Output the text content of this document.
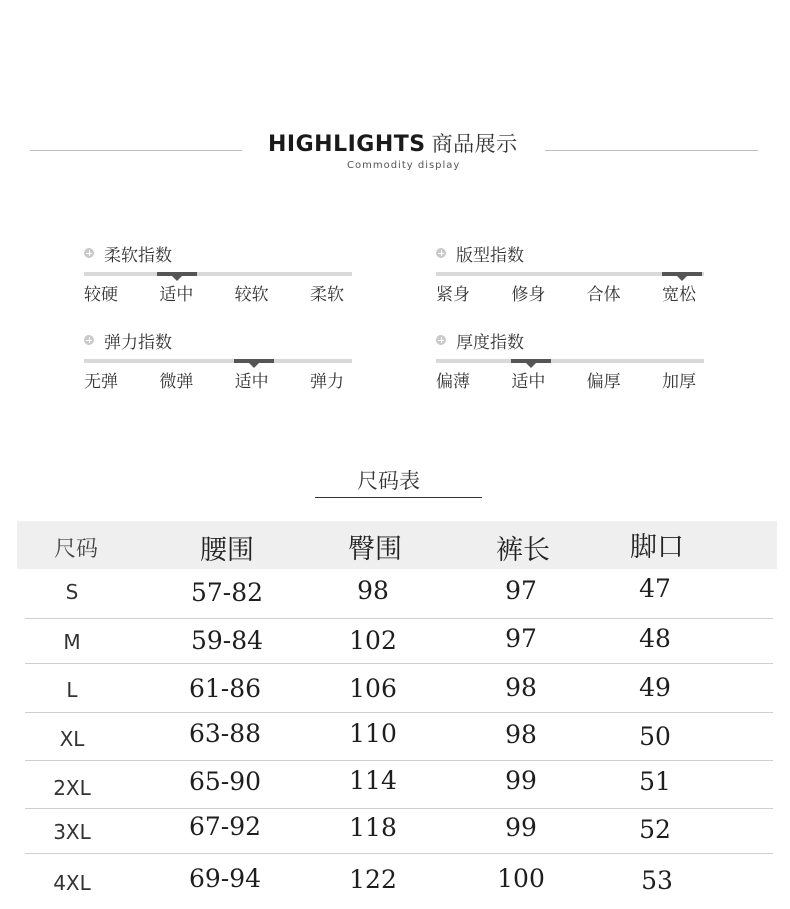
HIGHLIGHTS 商品展示
Commodity display
柔软指数
较硬	适中	较软	柔软
版型指数
紧身	修身	合体	宽松
弹力指数
无弹	微弹	适中	弹力
厚度指数
偏薄	适中	偏厚	加厚
尺码表
尺码	腰围	臀围	裤长	脚口
S	57-82	98	97	47
M	59-84	102	97	48
L	61-86	106	98	49
XL	63-88	110	98	50
2XL	65-90	114	99	51
3XL	67-92	118	99	52
4XL	69-94	122	100	53
